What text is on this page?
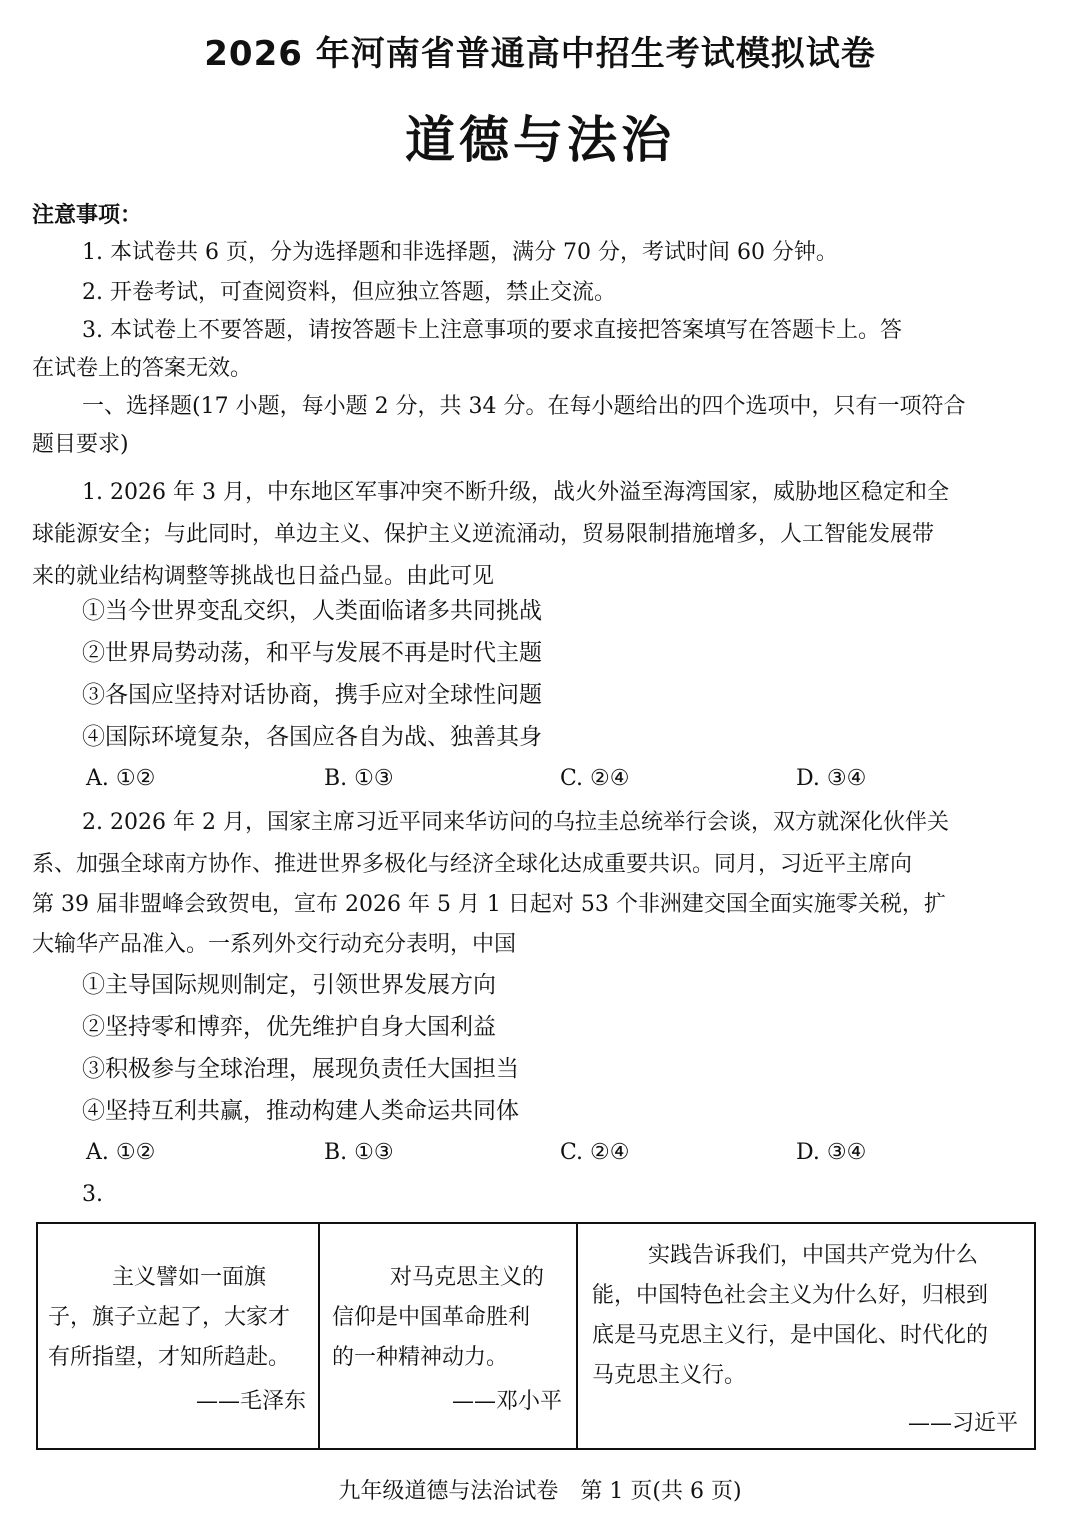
2026 年河南省普通高中招生考试模拟试卷
道德与法治
注意事项：
1. 本试卷共 6 页，分为选择题和非选择题，满分 70 分，考试时间 60 分钟。
2. 开卷考试，可查阅资料，但应独立答题，禁止交流。
3. 本试卷上不要答题，请按答题卡上注意事项的要求直接把答案填写在答题卡上。答
在试卷上的答案无效。
一、选择题(17 小题，每小题 2 分，共 34 分。在每小题给出的四个选项中，只有一项符合
题目要求)
1. 2026 年 3 月，中东地区军事冲突不断升级，战火外溢至海湾国家，威胁地区稳定和全
球能源安全；与此同时，单边主义、保护主义逆流涌动，贸易限制措施增多，人工智能发展带
来的就业结构调整等挑战也日益凸显。由此可见
①当今世界变乱交织，人类面临诸多共同挑战
②世界局势动荡，和平与发展不再是时代主题
③各国应坚持对话协商，携手应对全球性问题
④国际环境复杂，各国应各自为战、独善其身
A. ①②	B. ①③	C. ②④	D. ③④
2. 2026 年 2 月，国家主席习近平同来华访问的乌拉圭总统举行会谈，双方就深化伙伴关
系、加强全球南方协作、推进世界多极化与经济全球化达成重要共识。同月，习近平主席向
第 39 届非盟峰会致贺电，宣布 2026 年 5 月 1 日起对 53 个非洲建交国全面实施零关税，扩
大输华产品准入。一系列外交行动充分表明，中国
①主导国际规则制定，引领世界发展方向
②坚持零和博弈，优先维护自身大国利益
③积极参与全球治理，展现负责任大国担当
④坚持互利共赢，推动构建人类命运共同体
A. ①②	B. ①③	C. ②④	D. ③④
3.
主义譬如一面旗
子，旗子立起了，大家才
有所指望，才知所趋赴。
——毛泽东
对马克思主义的
信仰是中国革命胜利
的一种精神动力。
——邓小平
实践告诉我们，中国共产党为什么
能，中国特色社会主义为什么好，归根到
底是马克思主义行，是中国化、时代化的
马克思主义行。
——习近平
九年级道德与法治试卷　第 1 页(共 6 页)
